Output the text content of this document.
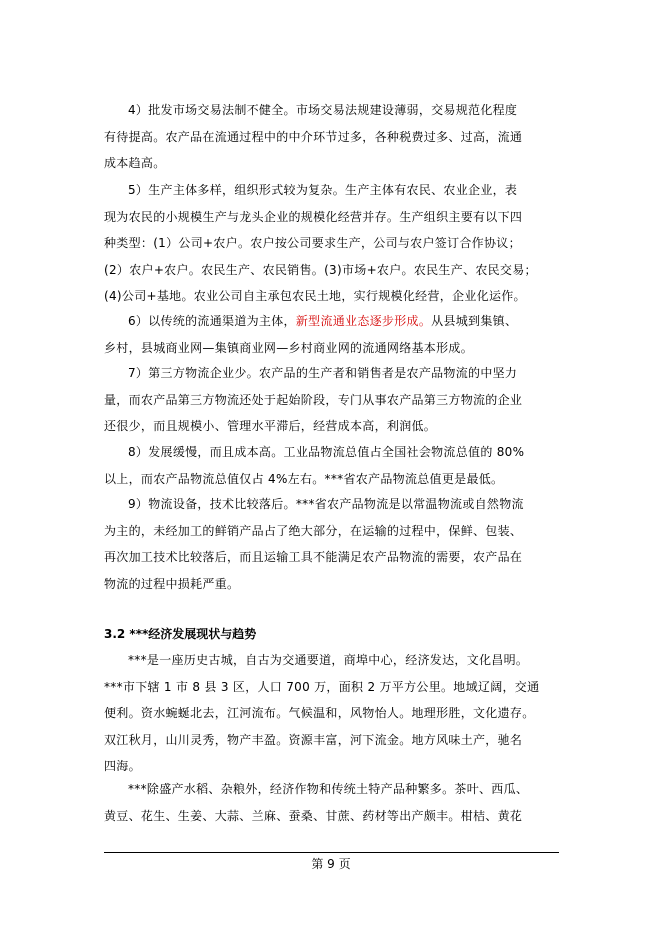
4）批发市场交易法制不健全。市场交易法规建设薄弱，交易规范化程度
有待提高。农产品在流通过程中的中介环节过多，各种税费过多、过高，流通
成本趋高。
5）生产主体多样，组织形式较为复杂。生产主体有农民、农业企业，表
现为农民的小规模生产与龙头企业的规模化经营并存。生产组织主要有以下四
种类型：(1）公司+农户。农户按公司要求生产，公司与农户签订合作协议；
(2）农户+农户。农民生产、农民销售。(3)市场+农户。农民生产、农民交易；
(4)公司+基地。农业公司自主承包农民土地，实行规模化经营，企业化运作。
6）以传统的流通渠道为主体，新型流通业态逐步形成。从县城到集镇、
乡村，县城商业网—集镇商业网—乡村商业网的流通网络基本形成。
7）第三方物流企业少。农产品的生产者和销售者是农产品物流的中坚力
量，而农产品第三方物流还处于起始阶段，专门从事农产品第三方物流的企业
还很少，而且规模小、管理水平滞后，经营成本高，利润低。
8）发展缓慢，而且成本高。工业品物流总值占全国社会物流总值的 80%
以上，而农产品物流总值仅占 4%左右。***省农产品物流总值更是最低。
9）物流设备，技术比较落后。***省农产品物流是以常温物流或自然物流
为主的，未经加工的鲜销产品占了绝大部分，在运输的过程中，保鲜、包装、
再次加工技术比较落后，而且运输工具不能满足农产品物流的需要，农产品在
物流的过程中损耗严重。
3.2 ***经济发展现状与趋势
***是一座历史古城，自古为交通要道，商埠中心，经济发达，文化昌明。
***市下辖 1 市 8 县 3 区，人口 700 万，面积 2 万平方公里。地域辽阔，交通
便利。资水蜿蜒北去，江河流布。气候温和，风物怡人。地理形胜，文化遗存。
双江秋月，山川灵秀，物产丰盈。资源丰富，河下流金。地方风味土产，驰名
四海。
***除盛产水稻、杂粮外，经济作物和传统土特产品种繁多。茶叶、西瓜、
黄豆、花生、生姜、大蒜、兰麻、蚕桑、甘蔗、药材等出产颇丰。柑桔、黄花
第 9 页
